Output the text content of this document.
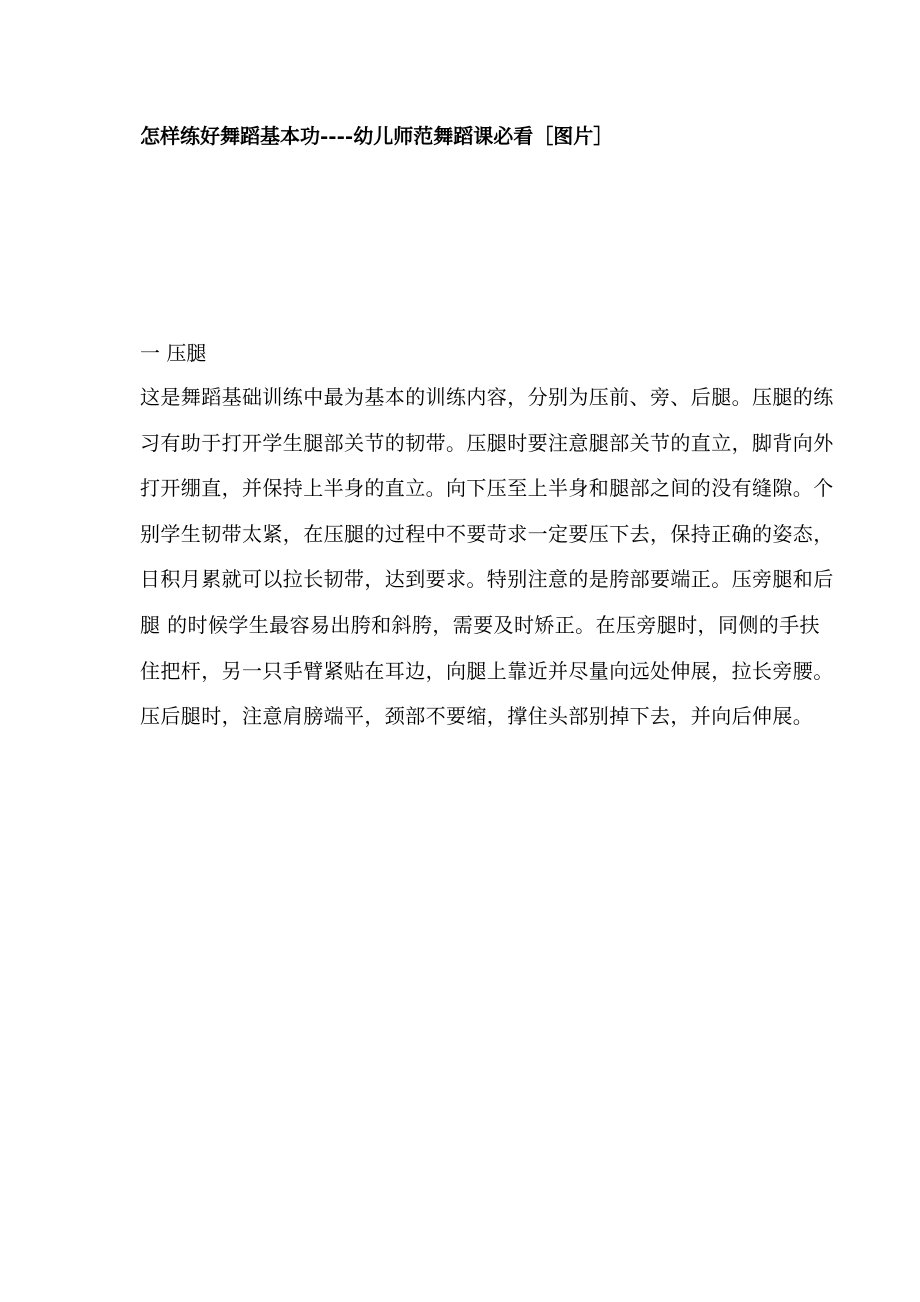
怎样练好舞蹈基本功----幼儿师范舞蹈课必看［图片］
一 压腿
这是舞蹈基础训练中最为基本的训练内容，分别为压前、旁、后腿。压腿的练
习有助于打开学生腿部关节的韧带。压腿时要注意腿部关节的直立，脚背向外
打开绷直，并保持上半身的直立。向下压至上半身和腿部之间的没有缝隙。个
别学生韧带太紧，在压腿的过程中不要苛求一定要压下去，保持正确的姿态，
日积月累就可以拉长韧带，达到要求。特别注意的是胯部要端正。压旁腿和后
腿 的时候学生最容易出胯和斜胯，需要及时矫正。在压旁腿时，同侧的手扶
住把杆，另一只手臂紧贴在耳边，向腿上靠近并尽量向远处伸展，拉长旁腰。
压后腿时，注意肩膀端平，颈部不要缩，撑住头部别掉下去，并向后伸展。
